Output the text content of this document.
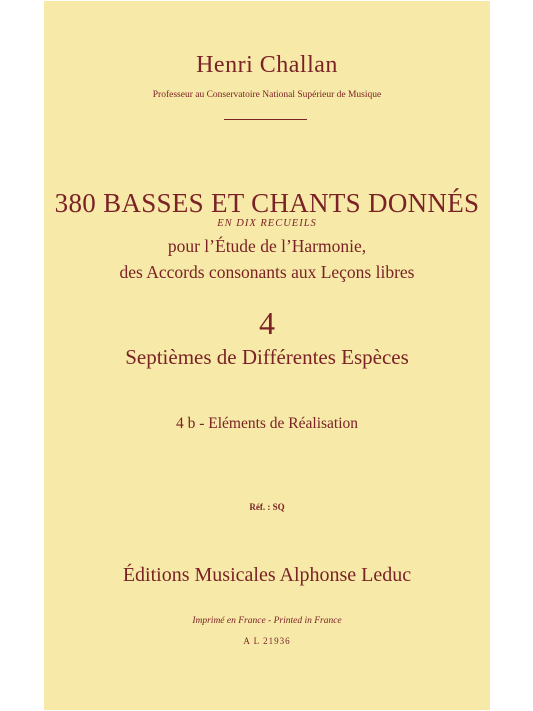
Henri Challan
Professeur au Conservatoire National Supérieur de Musique
380 BASSES ET CHANTS DONNÉS
EN DIX RECUEILS
pour l’Étude de l’Harmonie,
des Accords consonants aux Leçons libres
4
Septièmes de Différentes Espèces
4 b - Eléments de Réalisation
Réf. : SQ
Éditions Musicales Alphonse Leduc
Imprimé en France - Printed in France
A L 21936
